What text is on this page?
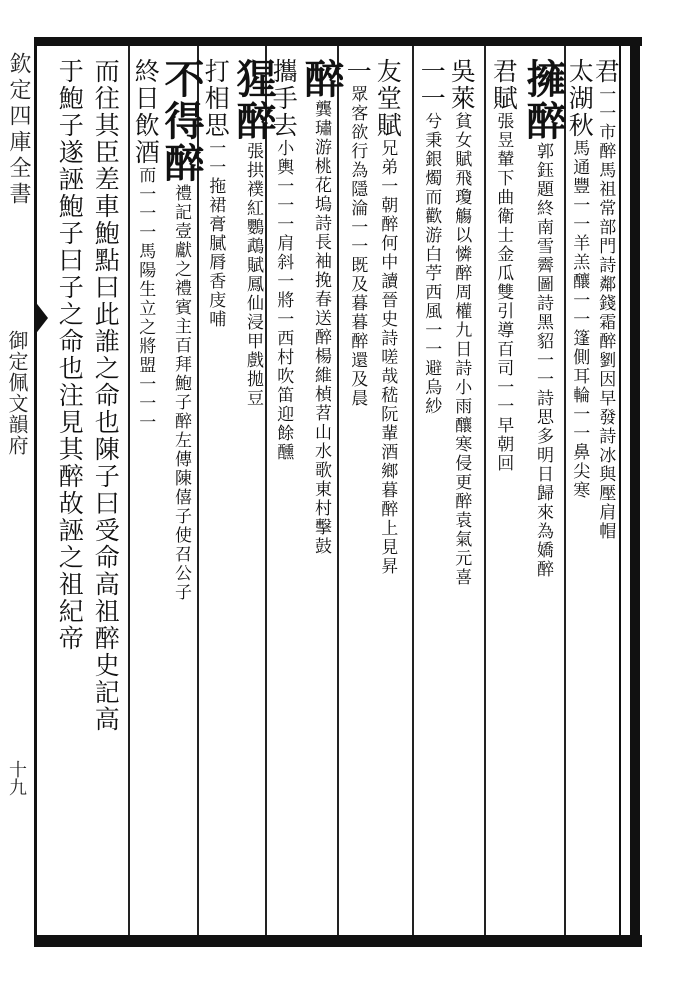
欽定四庫全書
御定佩文韻府
十九
君一一市醉馬祖常部門詩鄰錢霜醉劉因早發詩冰與壓肩帽
太湖秋馬通豐一一羊羔釀一一篷側耳輪一一鼻尖寒
擁醉郭鈺題終南雪霽圖詩黑貂一一詩思多明日歸來為嬌醉
君賦張昱輦下曲衛士金瓜雙引導百司一一早朝回
吳萊貧女賦飛瓊觴以憐醉周權九日詩小雨釀寒侵更醉袁氣元喜
一一兮秉銀燭而歡游白苧西風一一避烏紗
友堂賦兄弟一朝醉何中讀晉史詩嗟哉嵇阮輩酒鄉暮醉上見昇
一眾客欲行為隱淪一一既及暮暮醉還及晨
醉龔璛游桃花塢詩長袖挽春送醉楊維楨苕山水歌東村擊鼓
攜手去小輿一一一肩斜一將一西村吹笛迎餘醺
猩醉張拱襆紅鸚鵡賦鳳仙浸甲戲拋豆
打相思一一拖裙膏膩脣香庋哺
不得醉禮記壹獻之禮賓主百拜鮑子醉左傳陳僖子使召公子
終日飲酒而一一一馬陽生立之將盟一一一
而往其臣差車鮑點曰此誰之命也陳子曰受命高祖醉史記高
于鮑子遂誣鮑子曰子之命也注見其醉故誣之祖紀帝
